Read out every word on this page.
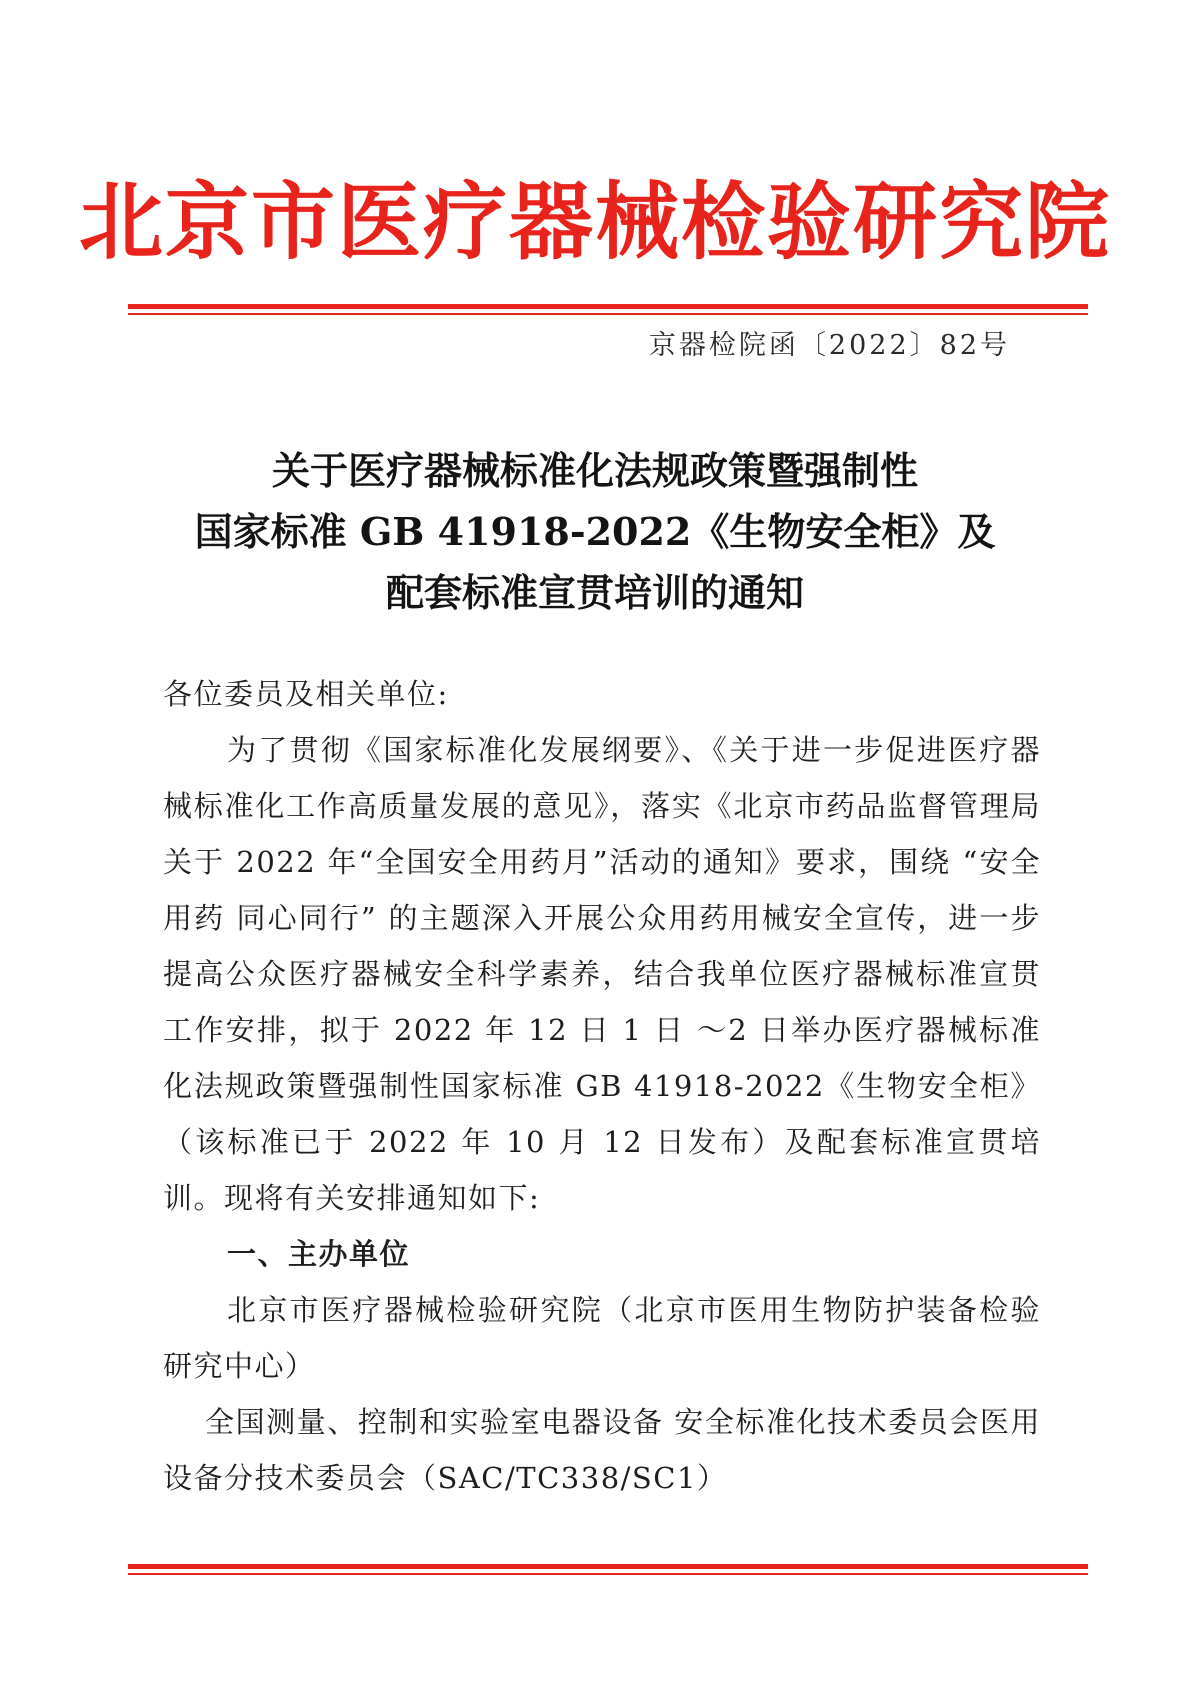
北京市医疗器械检验研究院
京器检院函〔2022〕82号
关于医疗器械标准化法规政策暨强制性
国家标准 GB 41918-2022《生物安全柜》及
配套标准宣贯培训的通知

各位委员及相关单位:

为了贯彻《国家标准化发展纲要》、《关于进一步促进医疗器械标准化工作高质量发展的意见》，落实《北京市药品监督管理局关于 2022 年“全国安全用药月”活动的通知》要求，围绕 “安全用药 同心同行” 的主题深入开展公众用药用械安全宣传，进一步提高公众医疗器械安全科学素养，结合我单位医疗器械标准宣贯工作安排，拟于 2022 年 12 日 1 日 ～2 日举办医疗器械标准化法规政策暨强制性国家标准 GB 41918-2022《生物安全柜》（该标准已于 2022 年 10 月 12 日发布）及配套标准宣贯培训。现将有关安排通知如下:

一、主办单位

北京市医疗器械检验研究院（北京市医用生物防护装备检验研究中心）

全国测量、控制和实验室电器设备 安全标准化技术委员会医用设备分技术委员会（SAC/TC338/SC1）
